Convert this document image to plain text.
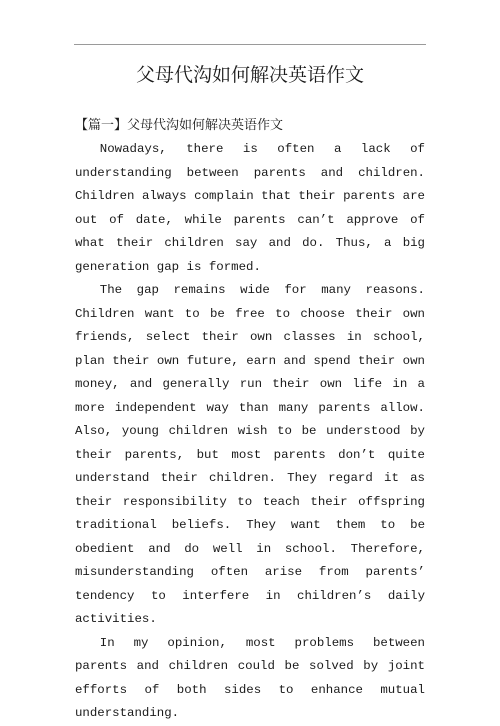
父母代沟如何解决英语作文
【篇一】父母代沟如何解决英语作文

Nowadays, there is often a lack of understanding between parents and children. Children always complain that their parents are out of date, while parents can’t approve of what their children say and do. Thus, a big generation gap is formed.

The gap remains wide for many reasons. Children want to be free to choose their own friends, select their own classes in school, plan their own future, earn and spend their own money, and generally run their own life in a more independent way than many parents allow. Also, young children wish to be understood by their parents, but most parents don’t quite understand their children. They regard it as their responsibility to teach their offspring traditional beliefs. They want them to be obedient and do well in school. Therefore, misunderstanding often arise from parents’ tendency to interfere in children’s daily activities.

In my opinion, most problems between parents and children could be solved by joint efforts of both sides to enhance mutual understanding.
